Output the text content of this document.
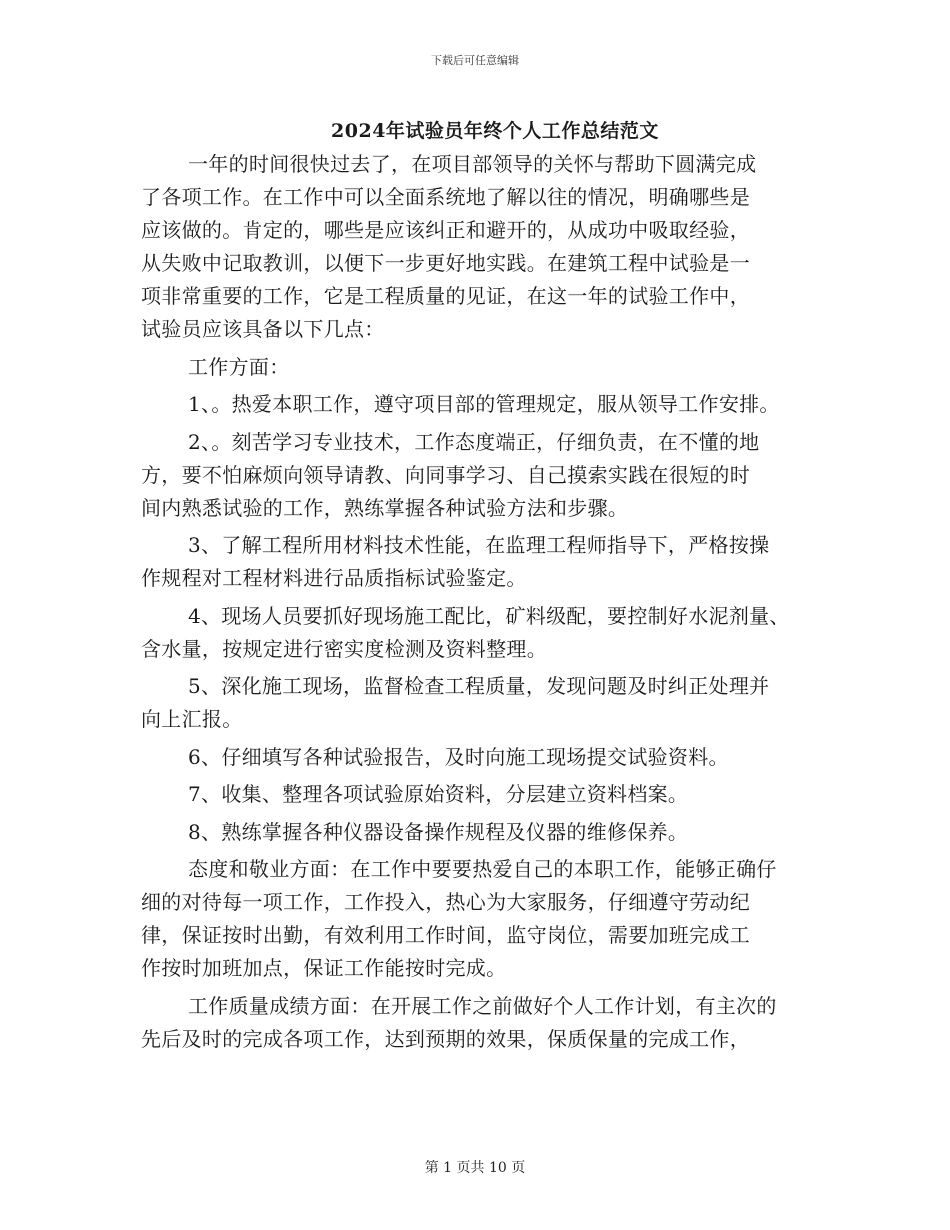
下载后可任意编辑
2024年试验员年终个人工作总结范文
一年的时间很快过去了，在项目部领导的关怀与帮助下圆满完成
了各项工作。在工作中可以全面系统地了解以往的情况，明确哪些是
应该做的。肯定的，哪些是应该纠正和避开的，从成功中吸取经验，
从失败中记取教训，以便下一步更好地实践。在建筑工程中试验是一
项非常重要的工作，它是工程质量的见证，在这一年的试验工作中，
试验员应该具备以下几点：
工作方面：
1、。热爱本职工作，遵守项目部的管理规定，服从领导工作安排。
2、。刻苦学习专业技术，工作态度端正，仔细负责，在不懂的地
方，要不怕麻烦向领导请教、向同事学习、自己摸索实践在很短的时
间内熟悉试验的工作，熟练掌握各种试验方法和步骤。
3、了解工程所用材料技术性能，在监理工程师指导下，严格按操
作规程对工程材料进行品质指标试验鉴定。
4、现场人员要抓好现场施工配比，矿料级配，要控制好水泥剂量、
含水量，按规定进行密实度检测及资料整理。
5、深化施工现场，监督检查工程质量，发现问题及时纠正处理并
向上汇报。
6、仔细填写各种试验报告，及时向施工现场提交试验资料。
7、收集、整理各项试验原始资料，分层建立资料档案。
8、熟练掌握各种仪器设备操作规程及仪器的维修保养。
态度和敬业方面：在工作中要要热爱自己的本职工作，能够正确仔
细的对待每一项工作，工作投入，热心为大家服务，仔细遵守劳动纪
律，保证按时出勤，有效利用工作时间，监守岗位，需要加班完成工
作按时加班加点，保证工作能按时完成。
工作质量成绩方面：在开展工作之前做好个人工作计划，有主次的
先后及时的完成各项工作，达到预期的效果，保质保量的完成工作，
第 1 页共 10 页
